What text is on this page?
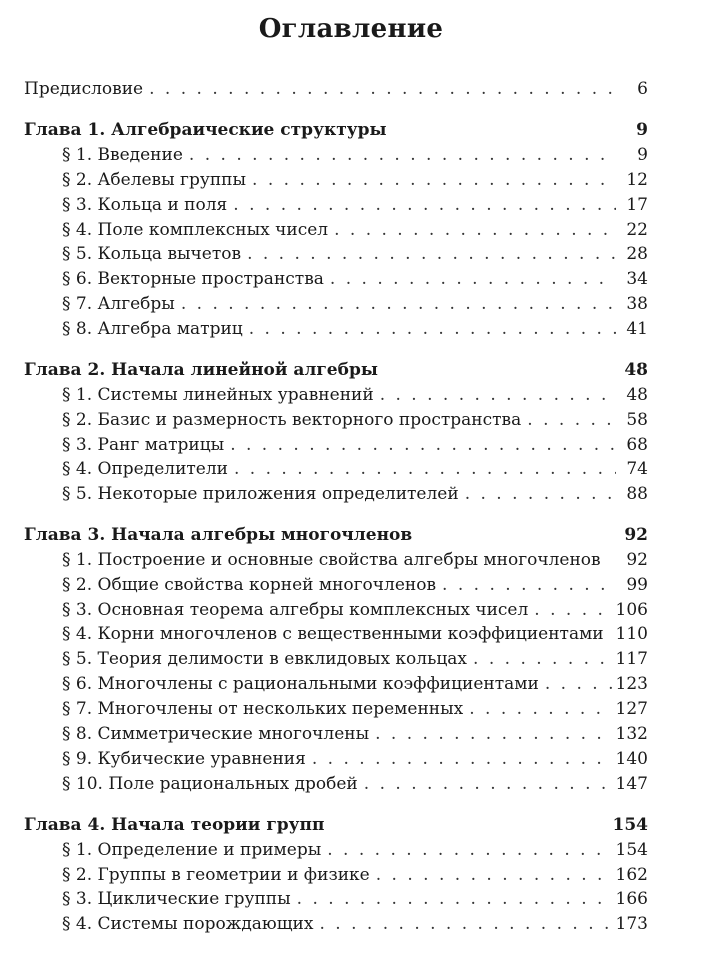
Оглавление
Предисловие . . .	6
Глава 1. Алгебраические структуры	9
§ 1. Введение . . .	9
§ 2. Абелевы группы . . .	12
§ 3. Кольца и поля . . .	17
§ 4. Поле комплексных чисел . . .	22
§ 5. Кольца вычетов . . .	28
§ 6. Векторные пространства . . .	34
§ 7. Алгебры . . .	38
§ 8. Алгебра матриц . . .	41
Глава 2. Начала линейной алгебры	48
§ 1. Системы линейных уравнений . . .	48
§ 2. Базис и размерность векторного пространства . . .	58
§ 3. Ранг матрицы . . .	68
§ 4. Определители . . .	74
§ 5. Некоторые приложения определителей . . .	88
Глава 3. Начала алгебры многочленов	92
§ 1. Построение и основные свойства алгебры многочленов	92
§ 2. Общие свойства корней многочленов . . .	99
§ 3. Основная теорема алгебры комплексных чисел . . .	106
§ 4. Корни многочленов с вещественными коэффициентами 110
§ 5. Теория делимости в евклидовых кольцах . . .	117
§ 6. Многочлены с рациональными коэффициентами . . .	123
§ 7. Многочлены от нескольких переменных . . .	127
§ 8. Симметрические многочлены . . .	132
§ 9. Кубические уравнения . . .	140
§ 10. Поле рациональных дробей . . .	147
Глава 4. Начала теории групп	154
§ 1. Определение и примеры . . .	154
§ 2. Группы в геометрии и физике . . .	162
§ 3. Циклические группы . . .	166
§ 4. Системы порождающих . . .	173
